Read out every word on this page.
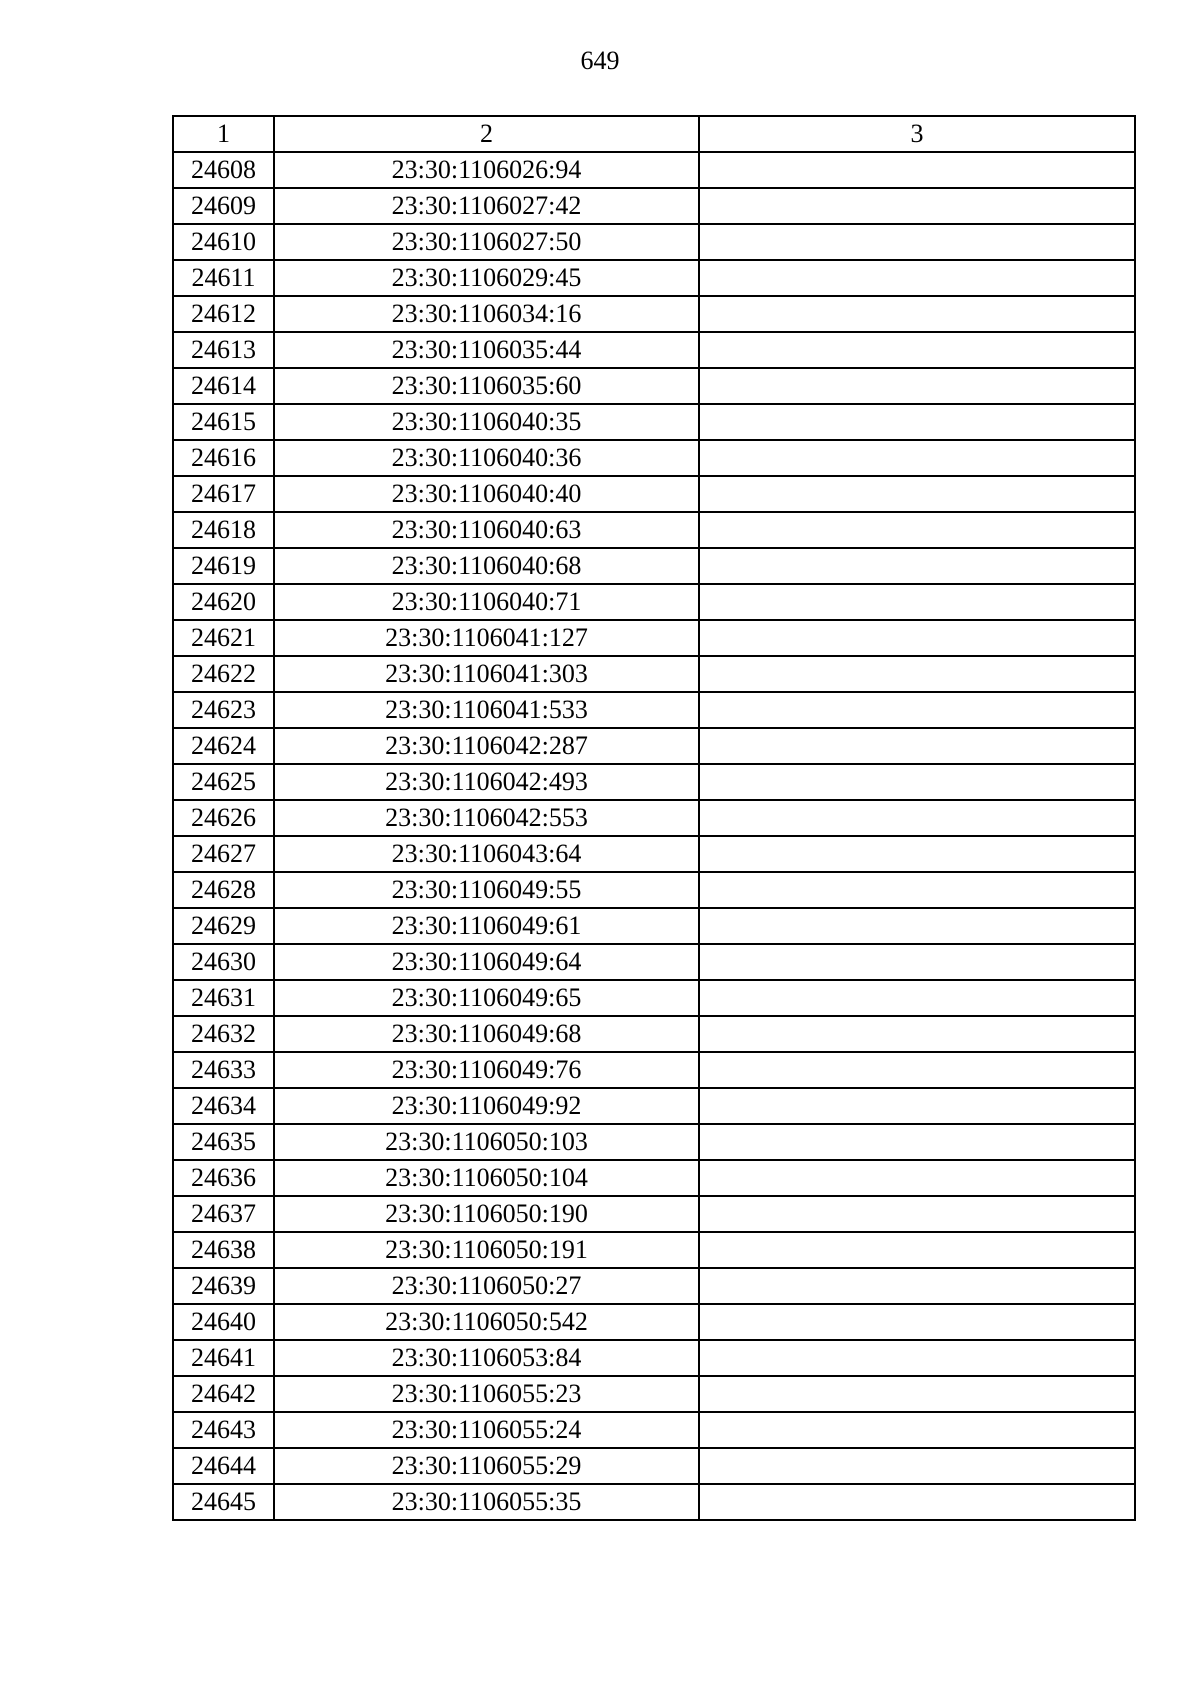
649
1	2	3
24608	23:30:1106026:94	
24609	23:30:1106027:42	
24610	23:30:1106027:50	
24611	23:30:1106029:45	
24612	23:30:1106034:16	
24613	23:30:1106035:44	
24614	23:30:1106035:60	
24615	23:30:1106040:35	
24616	23:30:1106040:36	
24617	23:30:1106040:40	
24618	23:30:1106040:63	
24619	23:30:1106040:68	
24620	23:30:1106040:71	
24621	23:30:1106041:127	
24622	23:30:1106041:303	
24623	23:30:1106041:533	
24624	23:30:1106042:287	
24625	23:30:1106042:493	
24626	23:30:1106042:553	
24627	23:30:1106043:64	
24628	23:30:1106049:55	
24629	23:30:1106049:61	
24630	23:30:1106049:64	
24631	23:30:1106049:65	
24632	23:30:1106049:68	
24633	23:30:1106049:76	
24634	23:30:1106049:92	
24635	23:30:1106050:103	
24636	23:30:1106050:104	
24637	23:30:1106050:190	
24638	23:30:1106050:191	
24639	23:30:1106050:27	
24640	23:30:1106050:542	
24641	23:30:1106053:84	
24642	23:30:1106055:23	
24643	23:30:1106055:24	
24644	23:30:1106055:29	
24645	23:30:1106055:35	
